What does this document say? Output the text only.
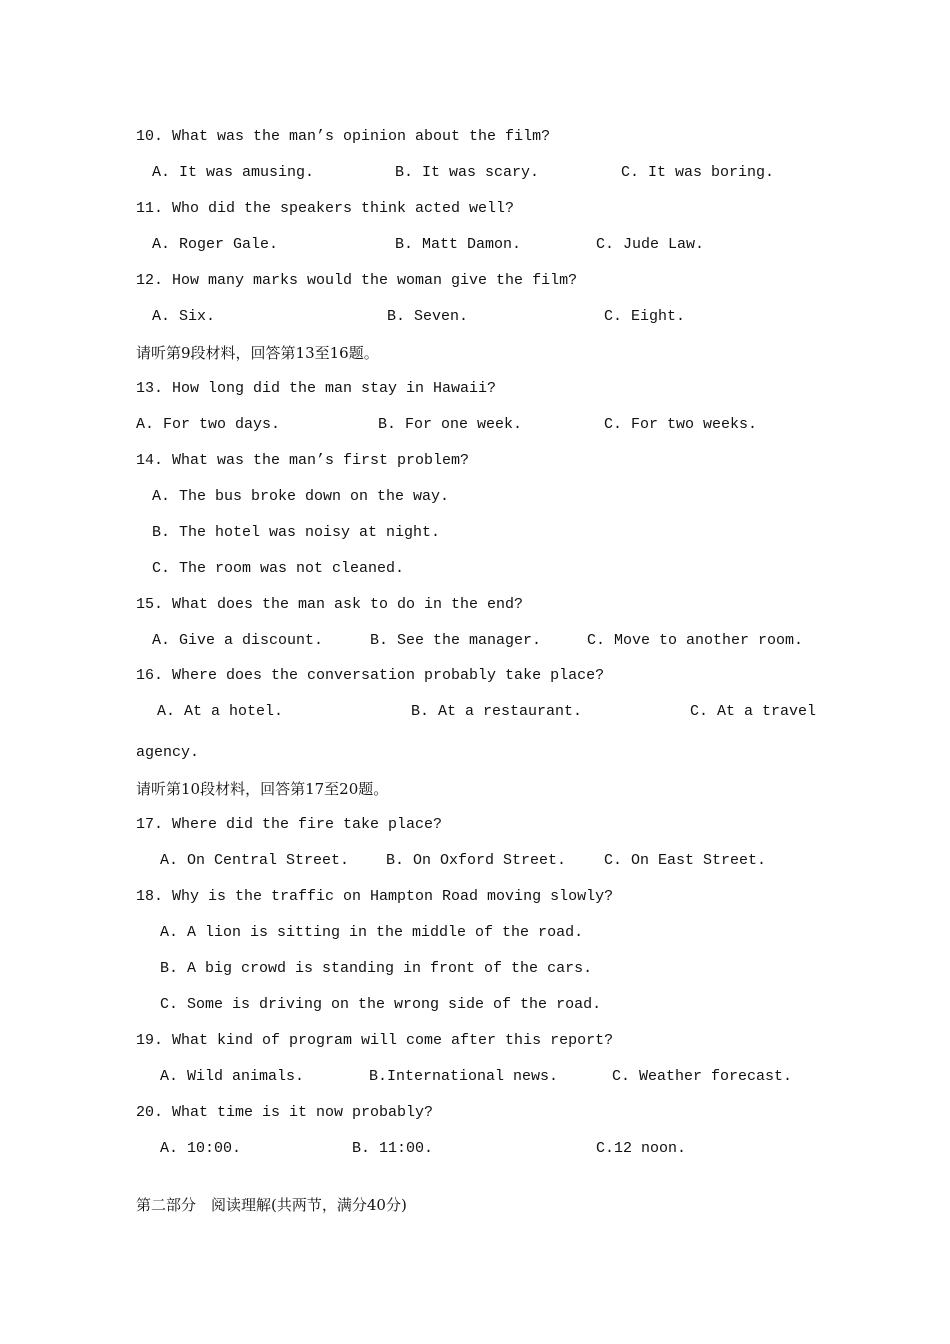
10. What was the man’s opinion about the film?
A. It was amusing.	B. It was scary.	C. It was boring.
11. Who did the speakers think acted well?
A. Roger Gale.	B. Matt Damon.	C. Jude Law.
12. How many marks would the woman give the film?
A. Six.	B. Seven.	C. Eight.
请听第9段材料，回答第13至16题。
13. How long did the man stay in Hawaii?
A. For two days.	B. For one week.	C. For two weeks.
14. What was the man’s first problem?
A. The bus broke down on the way.
B. The hotel was noisy at night.
C. The room was not cleaned.
15. What does the man ask to do in the end?
A. Give a discount.	B. See the manager.	C. Move to another room.
16. Where does the conversation probably take place?
A. At a hotel.	B. At a restaurant.	C. At a travel
agency.
请听第10段材料，回答第17至20题。
17. Where did the fire take place?
A. On Central Street. B. On Oxford Street.	C. On East Street.
18. Why is the traffic on Hampton Road moving slowly?
A. A lion is sitting in the middle of the road.
B. A big crowd is standing in front of the cars.
C. Some is driving on the wrong side of the road.
19. What kind of program will come after this report?
A. Wild animals.	B.International news.	C. Weather forecast.
20. What time is it now probably?
A. 10:00.	B. 11:00.	C.12 noon.
第二部分　阅读理解(共两节，满分40分)
